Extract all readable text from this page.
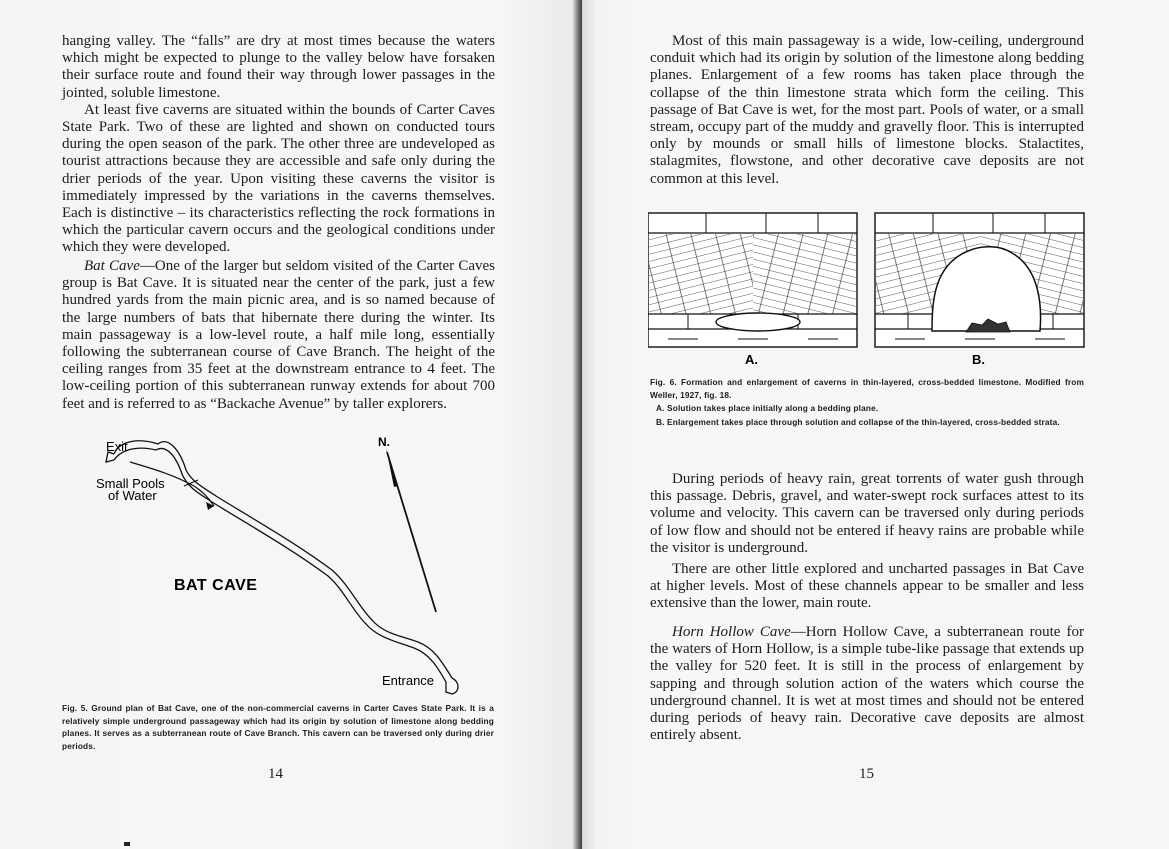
hanging valley. The “falls” are dry at most times because the waters which might be expected to plunge to the valley below have forsaken their surface route and found their way through lower passages in the jointed, soluble limestone.

At least five caverns are situated within the bounds of Carter Caves State Park. Two of these are lighted and shown on conducted tours during the open season of the park. The other three are undeveloped as tourist attractions because they are accessible and safe only during the drier periods of the year. Upon visiting these caverns the visitor is immediately impressed by the variations in the caverns themselves. Each is distinctive – its characteristics reflecting the rock formations in which the particular cavern occurs and the geological conditions under which they were developed.

Bat Cave—One of the larger but seldom visited of the Carter Caves group is Bat Cave. It is situated near the center of the park, just a few hundred yards from the main picnic area, and is so named because of the large numbers of bats that hibernate there during the winter. Its main passageway is a low-level route, a half mile long, essentially following the subterranean course of Cave Branch. The height of the ceiling ranges from 35 feet at the downstream entrance to 4 feet. The low-ceiling portion of this subterranean runway extends for about 700 feet and is referred to as “Backache Avenue” by taller explorers.

Exit
Small Pools
of Water
BAT CAVE
Entrance
N.

Fig. 5. Ground plan of Bat Cave, one of the non-commercial caverns in Carter Caves State Park. It is a relatively simple underground passageway which had its origin by solution of limestone along bedding planes. It serves as a subterranean route of Cave Branch. This cavern can be traversed only during drier periods.

14

Most of this main passageway is a wide, low-ceiling, underground conduit which had its origin by solution of the limestone along bedding planes. Enlargement of a few rooms has taken place through the collapse of the thin limestone strata which form the ceiling. This passage of Bat Cave is wet, for the most part. Pools of water, or a small stream, occupy part of the muddy and gravelly floor. This is interrupted only by mounds or small hills of limestone blocks. Stalactites, stalagmites, flowstone, and other decorative cave deposits are not common at this level.

A.	B.

Fig. 6. Formation and enlargement of caverns in thin-layered, cross-bedded limestone. Modified from Weller, 1927, fig. 18.

A. Solution takes place initially along a bedding plane.

B. Enlargement takes place through solution and collapse of the thin-layered, cross-bedded strata.

During periods of heavy rain, great torrents of water gush through this passage. Debris, gravel, and water-swept rock surfaces attest to its volume and velocity. This cavern can be traversed only during periods of low flow and should not be entered if heavy rains are probable while the visitor is underground.

There are other little explored and uncharted passages in Bat Cave at higher levels. Most of these channels appear to be smaller and less extensive than the lower, main route.

Horn Hollow Cave—Horn Hollow Cave, a subterranean route for the waters of Horn Hollow, is a simple tube-like passage that extends up the valley for 520 feet. It is still in the process of enlargement by sapping and through solution action of the waters which course the underground channel. It is wet at most times and should not be entered during periods of heavy rain. Decorative cave deposits are almost entirely absent.

15
